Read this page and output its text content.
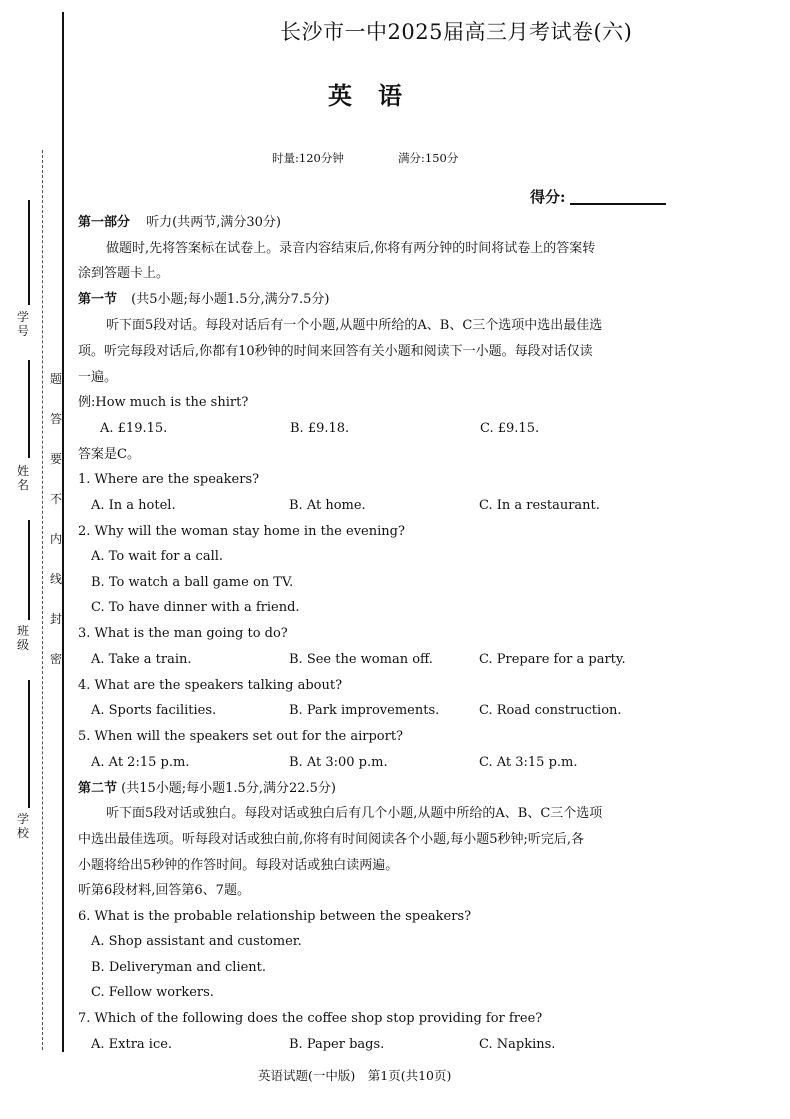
学号
姓名
班级
学校
题
答
要
不
内
线
封
密
长沙市一中2025届高三月考试卷(六)
英语
时量:120分钟	满分:150分
得分:
第一部分 听力(共两节,满分30分)
做题时,先将答案标在试卷上。录音内容结束后,你将有两分钟的时间将试卷上的答案转
涂到答题卡上。
第一节 (共5小题;每小题1.5分,满分7.5分)
听下面5段对话。每段对话后有一个小题,从题中所给的A、B、C三个选项中选出最佳选
项。听完每段对话后,你都有10秒钟的时间来回答有关小题和阅读下一小题。每段对话仅读
一遍。
例:How much is the shirt?
A. £19.15.	B. £9.18.	C. £9.15.
答案是C。
1. Where are the speakers?
A. In a hotel.	B. At home.	C. In a restaurant.
2. Why will the woman stay home in the evening?
A. To wait for a call.
B. To watch a ball game on TV.
C. To have dinner with a friend.
3. What is the man going to do?
A. Take a train.	B. See the woman off.	C. Prepare for a party.
4. What are the speakers talking about?
A. Sports facilities.	B. Park improvements.	C. Road construction.
5. When will the speakers set out for the airport?
A. At 2:15 p.m.	B. At 3:00 p.m.	C. At 3:15 p.m.
第二节 (共15小题;每小题1.5分,满分22.5分)
听下面5段对话或独白。每段对话或独白后有几个小题,从题中所给的A、B、C三个选项
中选出最佳选项。听每段对话或独白前,你将有时间阅读各个小题,每小题5秒钟;听完后,各
小题将给出5秒钟的作答时间。每段对话或独白读两遍。
听第6段材料,回答第6、7题。
6. What is the probable relationship between the speakers?
A. Shop assistant and customer.
B. Deliveryman and client.
C. Fellow workers.
7. Which of the following does the coffee shop stop providing for free?
A. Extra ice.	B. Paper bags.	C. Napkins.
英语试题(一中版)　第1页(共10页)
